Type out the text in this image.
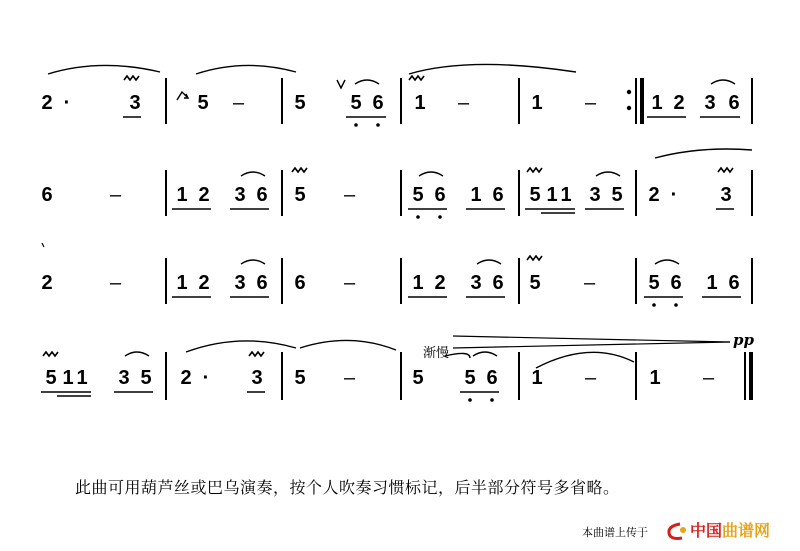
2 ·	3	5 –	5 5 6 1 –	1 –	1 2 3 6
6	–	1 2 3 6 5 –	5 6 1 6 5 1 1 3 5 2 · 3
2	–	1 2 3 6 6 –	1 2 3 6 5 –	5 6 1 6
5 1 1 3 5 2 · 3 5 –	5 5 6 1 –	1 –
渐慢
pp
此曲可用葫芦丝或巴乌演奏，按个人吹奏习惯标记，后半部分符号多省略。
本曲谱上传于	中国曲谱网
